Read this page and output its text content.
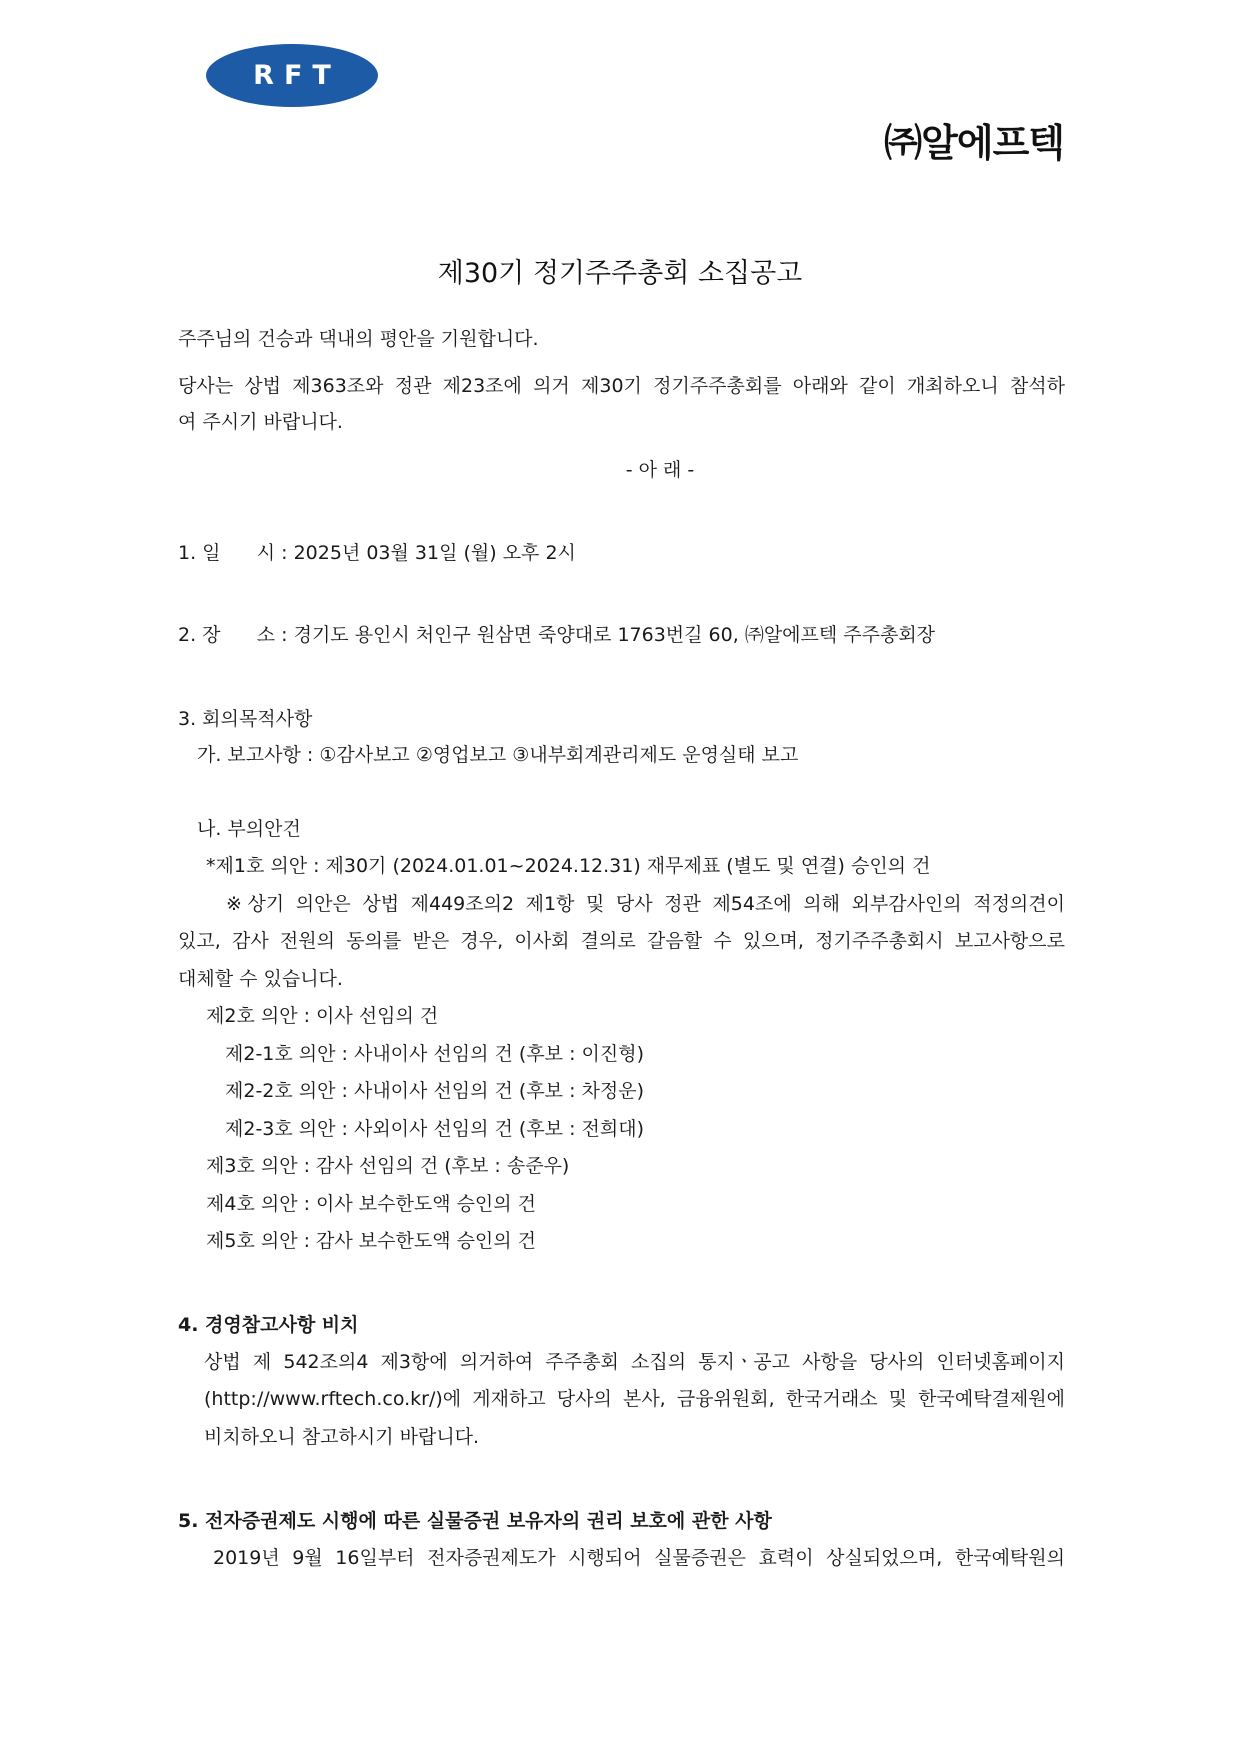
RFT
㈜알에프텍
제30기 정기주주총회 소집공고
주주님의 건승과 댁내의 평안을 기원합니다.
당사는 상법 제363조와 정관 제23조에 의거 제30기 정기주주총회를 아래와 같이 개최하오니 참석하
여 주시기 바랍니다.
- 아 래 -
1. 일      시 : 2025년 03월 31일 (월) 오후 2시
2. 장      소 : 경기도 용인시 처인구 원삼면 죽양대로 1763번길 60, ㈜알에프텍 주주총회장
3. 회의목적사항
가. 보고사항 : ①감사보고 ②영업보고 ③내부회계관리제도 운영실태 보고
나. 부의안건
*제1호 의안 : 제30기 (2024.01.01~2024.12.31) 재무제표 (별도 및 연결) 승인의 건
※상기 의안은 상법 제449조의2 제1항 및 당사 정관 제54조에 의해 외부감사인의 적정의견이
있고, 감사 전원의 동의를 받은 경우, 이사회 결의로 갈음할 수 있으며, 정기주주총회시 보고사항으로
대체할 수 있습니다.
제2호 의안 : 이사 선임의 건
제2-1호 의안 : 사내이사 선임의 건 (후보 : 이진형)
제2-2호 의안 : 사내이사 선임의 건 (후보 : 차정운)
제2-3호 의안 : 사외이사 선임의 건 (후보 : 전희대)
제3호 의안 : 감사 선임의 건 (후보 : 송준우)
제4호 의안 : 이사 보수한도액 승인의 건
제5호 의안 : 감사 보수한도액 승인의 건
4. 경영참고사항 비치
상법 제 542조의4 제3항에 의거하여 주주총회 소집의 통지ㆍ공고 사항을 당사의 인터넷홈페이지
(http://www.rftech.co.kr/)에 게재하고 당사의 본사, 금융위원회, 한국거래소 및 한국예탁결제원에
비치하오니 참고하시기 바랍니다.
5. 전자증권제도 시행에 따른 실물증권 보유자의 권리 보호에 관한 사항
2019년 9월 16일부터 전자증권제도가 시행되어 실물증권은 효력이 상실되었으며, 한국예탁원의
